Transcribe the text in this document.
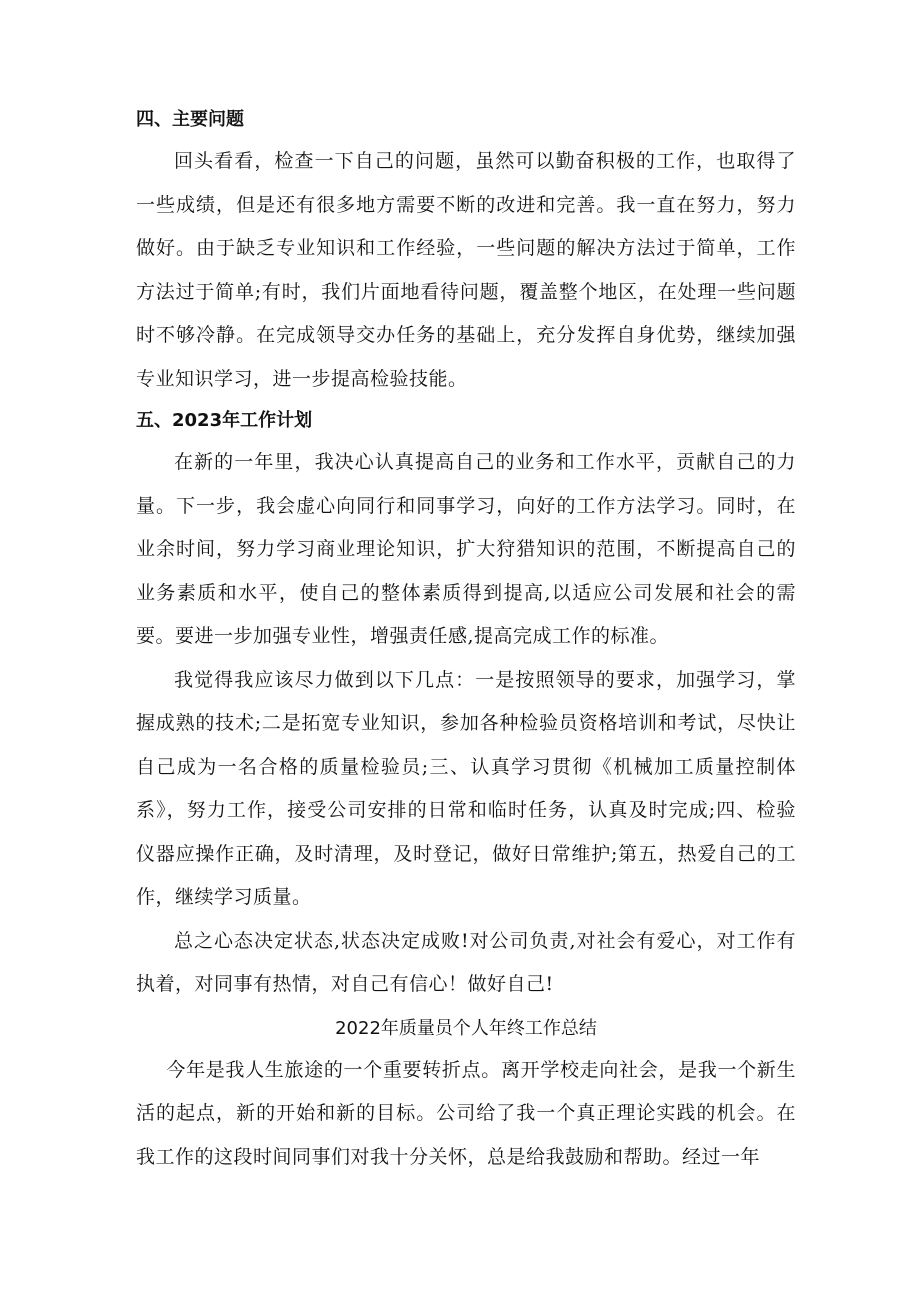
四、主要问题

回头看看，检查一下自己的问题，虽然可以勤奋积极的工作，也取得了一些成绩，但是还有很多地方需要不断的改进和完善。我一直在努力，努力做好。由于缺乏专业知识和工作经验，一些问题的解决方法过于简单，工作方法过于简单;有时，我们片面地看待问题，覆盖整个地区，在处理一些问题时不够冷静。在完成领导交办任务的基础上，充分发挥自身优势，继续加强专业知识学习，进一步提高检验技能。

五、2023年工作计划

在新的一年里，我决心认真提高自己的业务和工作水平，贡献自己的力量。下一步，我会虚心向同行和同事学习，向好的工作方法学习。同时，在业余时间，努力学习商业理论知识，扩大狩猎知识的范围，不断提高自己的业务素质和水平，使自己的整体素质得到提高,以适应公司发展和社会的需要。要进一步加强专业性，增强责任感,提高完成工作的标准。

我觉得我应该尽力做到以下几点：一是按照领导的要求，加强学习，掌握成熟的技术;二是拓宽专业知识，参加各种检验员资格培训和考试，尽快让自己成为一名合格的质量检验员;三、认真学习贯彻《机械加工质量控制体系》，努力工作，接受公司安排的日常和临时任务，认真及时完成;四、检验仪器应操作正确，及时清理，及时登记，做好日常维护;第五，热爱自己的工作，继续学习质量。

总之心态决定状态,状态决定成败!对公司负责,对社会有爱心，对工作有执着，对同事有热情，对自己有信心！做好自己!

2022年质量员个人年终工作总结

今年是我人生旅途的一个重要转折点。离开学校走向社会，是我一个新生活的起点，新的开始和新的目标。公司给了我一个真正理论实践的机会。在我工作的这段时间同事们对我十分关怀，总是给我鼓励和帮助。经过一年
